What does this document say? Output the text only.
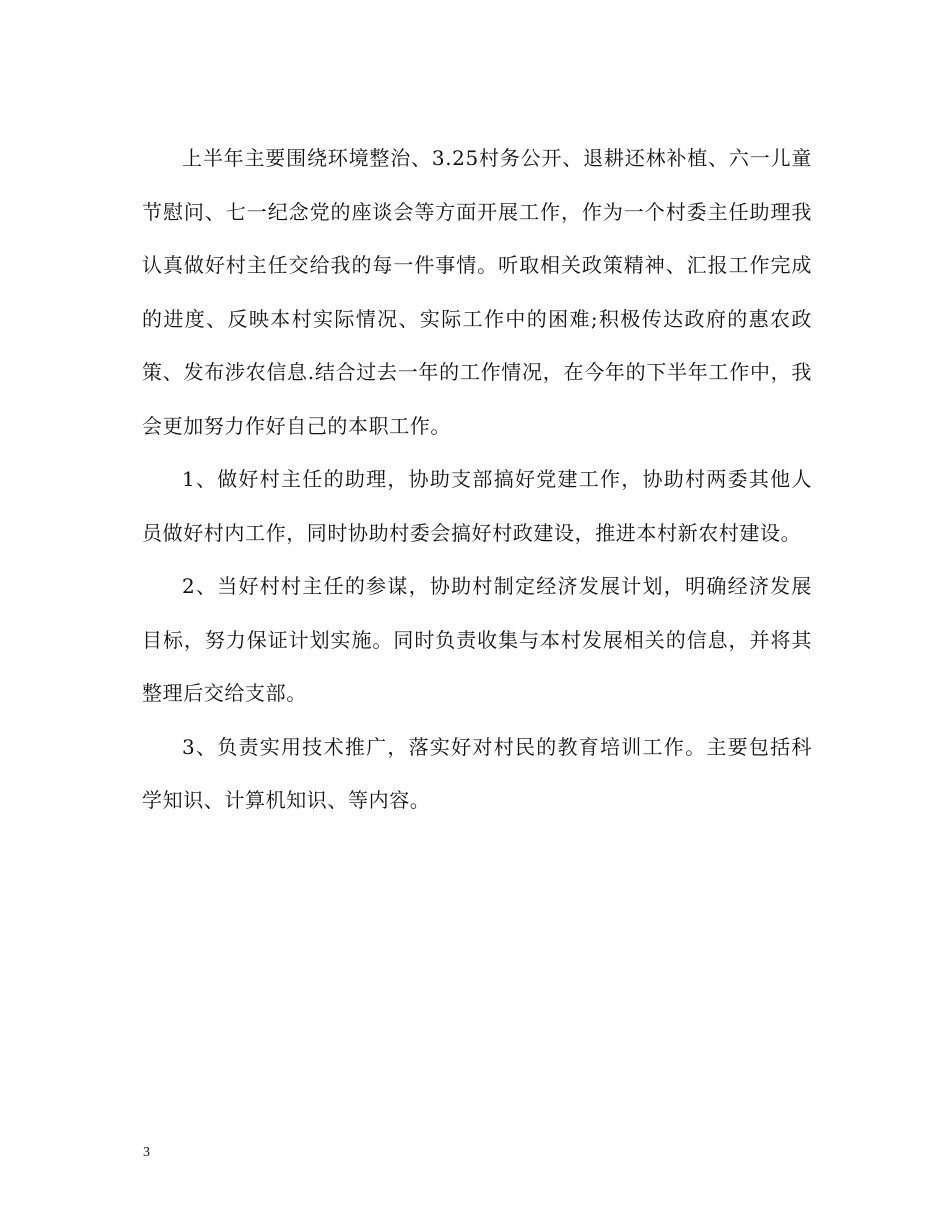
上半年主要围绕环境整治、3.25村务公开、退耕还林补植、六一儿童节慰问、七一纪念党的座谈会等方面开展工作，作为一个村委主任助理我认真做好村主任交给我的每一件事情。听取相关政策精神、汇报工作完成的进度、反映本村实际情况、实际工作中的困难;积极传达政府的惠农政策、发布涉农信息.结合过去一年的工作情况，在今年的下半年工作中，我会更加努力作好自己的本职工作。

1、做好村主任的助理，协助支部搞好党建工作，协助村两委其他人员做好村内工作，同时协助村委会搞好村政建设，推进本村新农村建设。

2、当好村村主任的参谋，协助村制定经济发展计划，明确经济发展目标，努力保证计划实施。同时负责收集与本村发展相关的信息，并将其整理后交给支部。

3、负责实用技术推广，落实好对村民的教育培训工作。主要包括科学知识、计算机知识、等内容。

3
